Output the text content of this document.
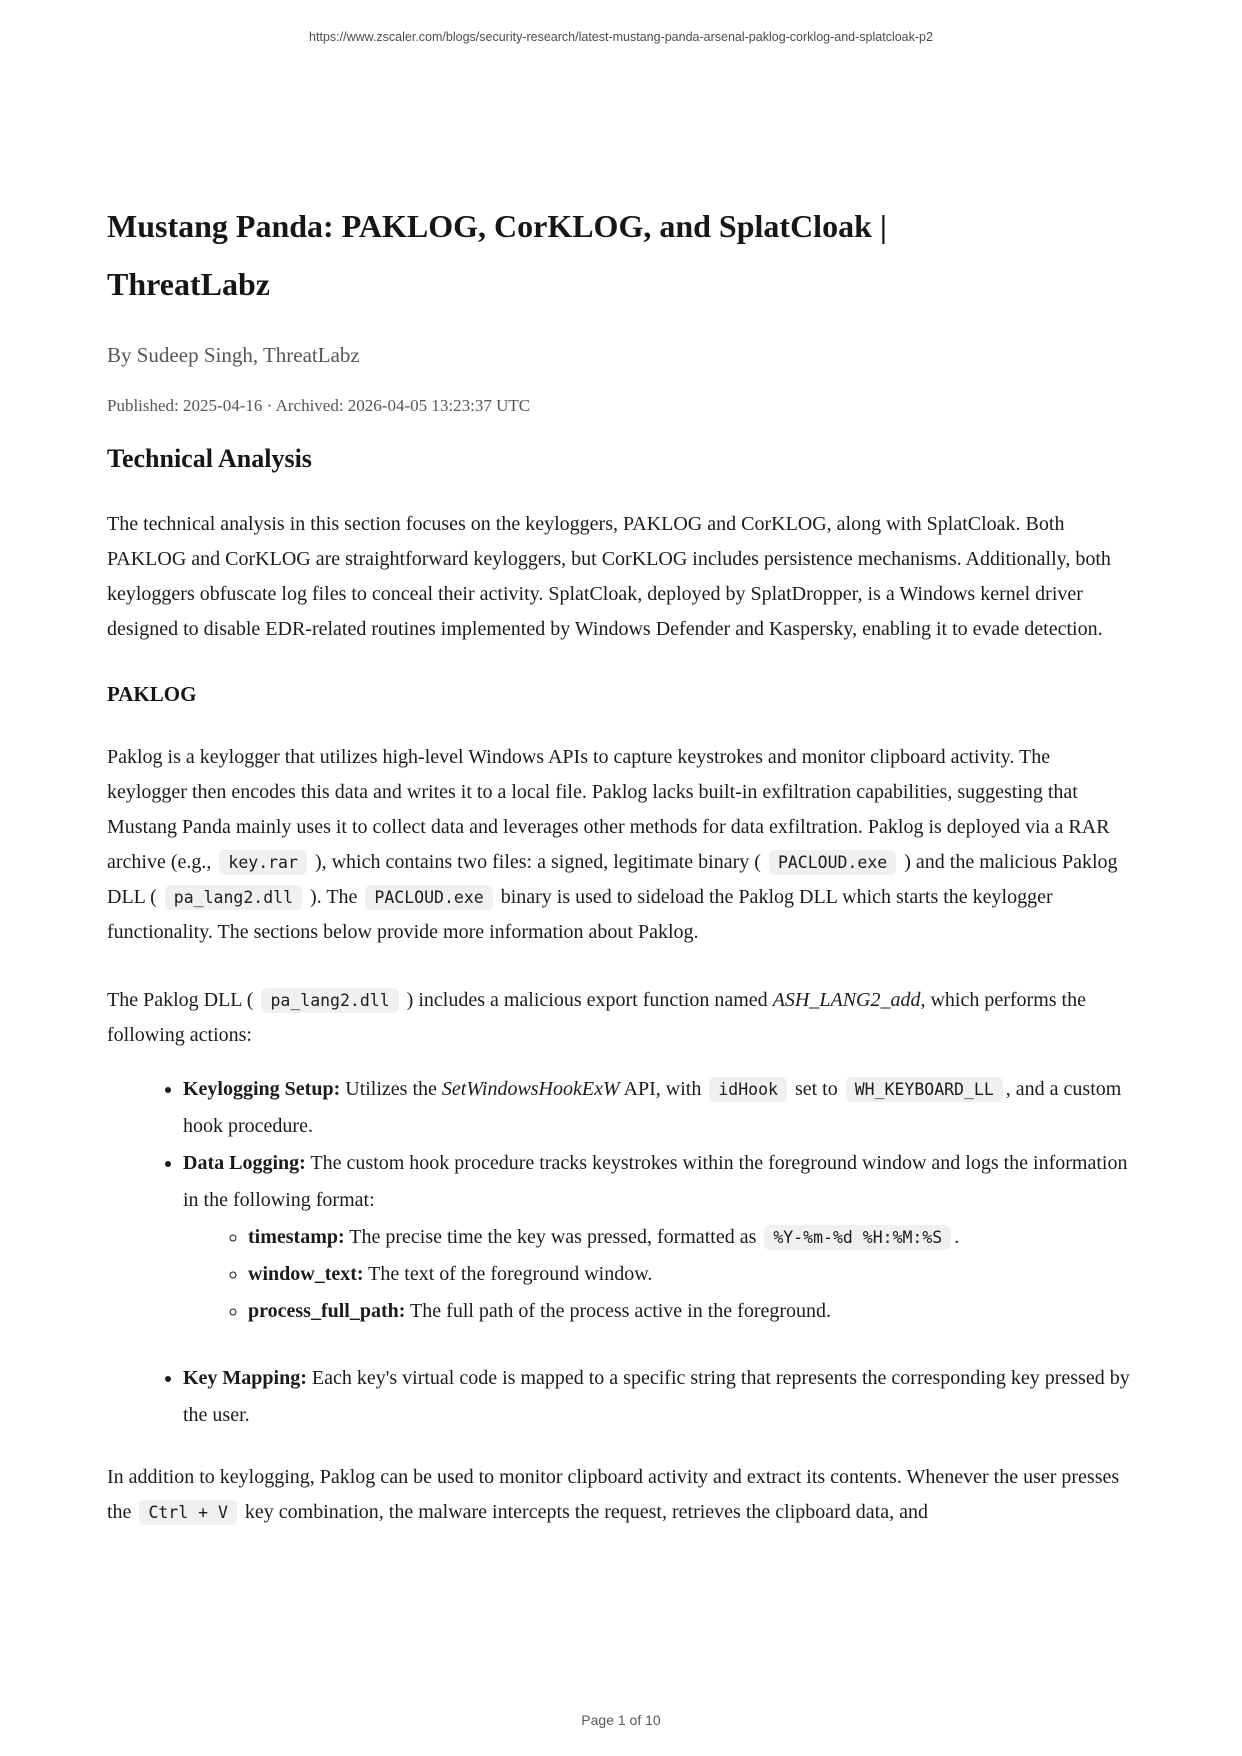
https://www.zscaler.com/blogs/security-research/latest-mustang-panda-arsenal-paklog-corklog-and-splatcloak-p2
Mustang Panda: PAKLOG, CorKLOG, and SplatCloak | ThreatLabz

By Sudeep Singh, ThreatLabz

Published: 2025-04-16 · Archived: 2026-04-05 13:23:37 UTC

Technical Analysis

The technical analysis in this section focuses on the keyloggers, PAKLOG and CorKLOG, along with SplatCloak. Both PAKLOG and CorKLOG are straightforward keyloggers, but CorKLOG includes persistence mechanisms. Additionally, both keyloggers obfuscate log files to conceal their activity. SplatCloak, deployed by SplatDropper, is a Windows kernel driver designed to disable EDR-related routines implemented by Windows Defender and Kaspersky, enabling it to evade detection.

PAKLOG

Paklog is a keylogger that utilizes high-level Windows APIs to capture keystrokes and monitor clipboard activity. The keylogger then encodes this data and writes it to a local file. Paklog lacks built-in exfiltration capabilities, suggesting that Mustang Panda mainly uses it to collect data and leverages other methods for data exfiltration. Paklog is deployed via a RAR archive (e.g., key.rar ), which contains two files: a signed, legitimate binary ( PACLOUD.exe ) and the malicious Paklog DLL ( pa_lang2.dll ). The PACLOUD.exe binary is used to sideload the Paklog DLL which starts the keylogger functionality. The sections below provide more information about Paklog.

The Paklog DLL ( pa_lang2.dll ) includes a malicious export function named ASH_LANG2_add, which performs the following actions:

• Keylogging Setup: Utilizes the SetWindowsHookExW API, with idHook set to WH_KEYBOARD_LL , and a custom hook procedure.
• Data Logging: The custom hook procedure tracks keystrokes within the foreground window and logs the information in the following format:
◦ timestamp: The precise time the key was pressed, formatted as %Y-%m-%d %H:%M:%S .
◦ window_text: The text of the foreground window.
◦ process_full_path: The full path of the process active in the foreground.
• Key Mapping: Each key's virtual code is mapped to a specific string that represents the corresponding key pressed by the user.

In addition to keylogging, Paklog can be used to monitor clipboard activity and extract its contents. Whenever the user presses the Ctrl + V key combination, the malware intercepts the request, retrieves the clipboard data, and

Page 1 of 10
